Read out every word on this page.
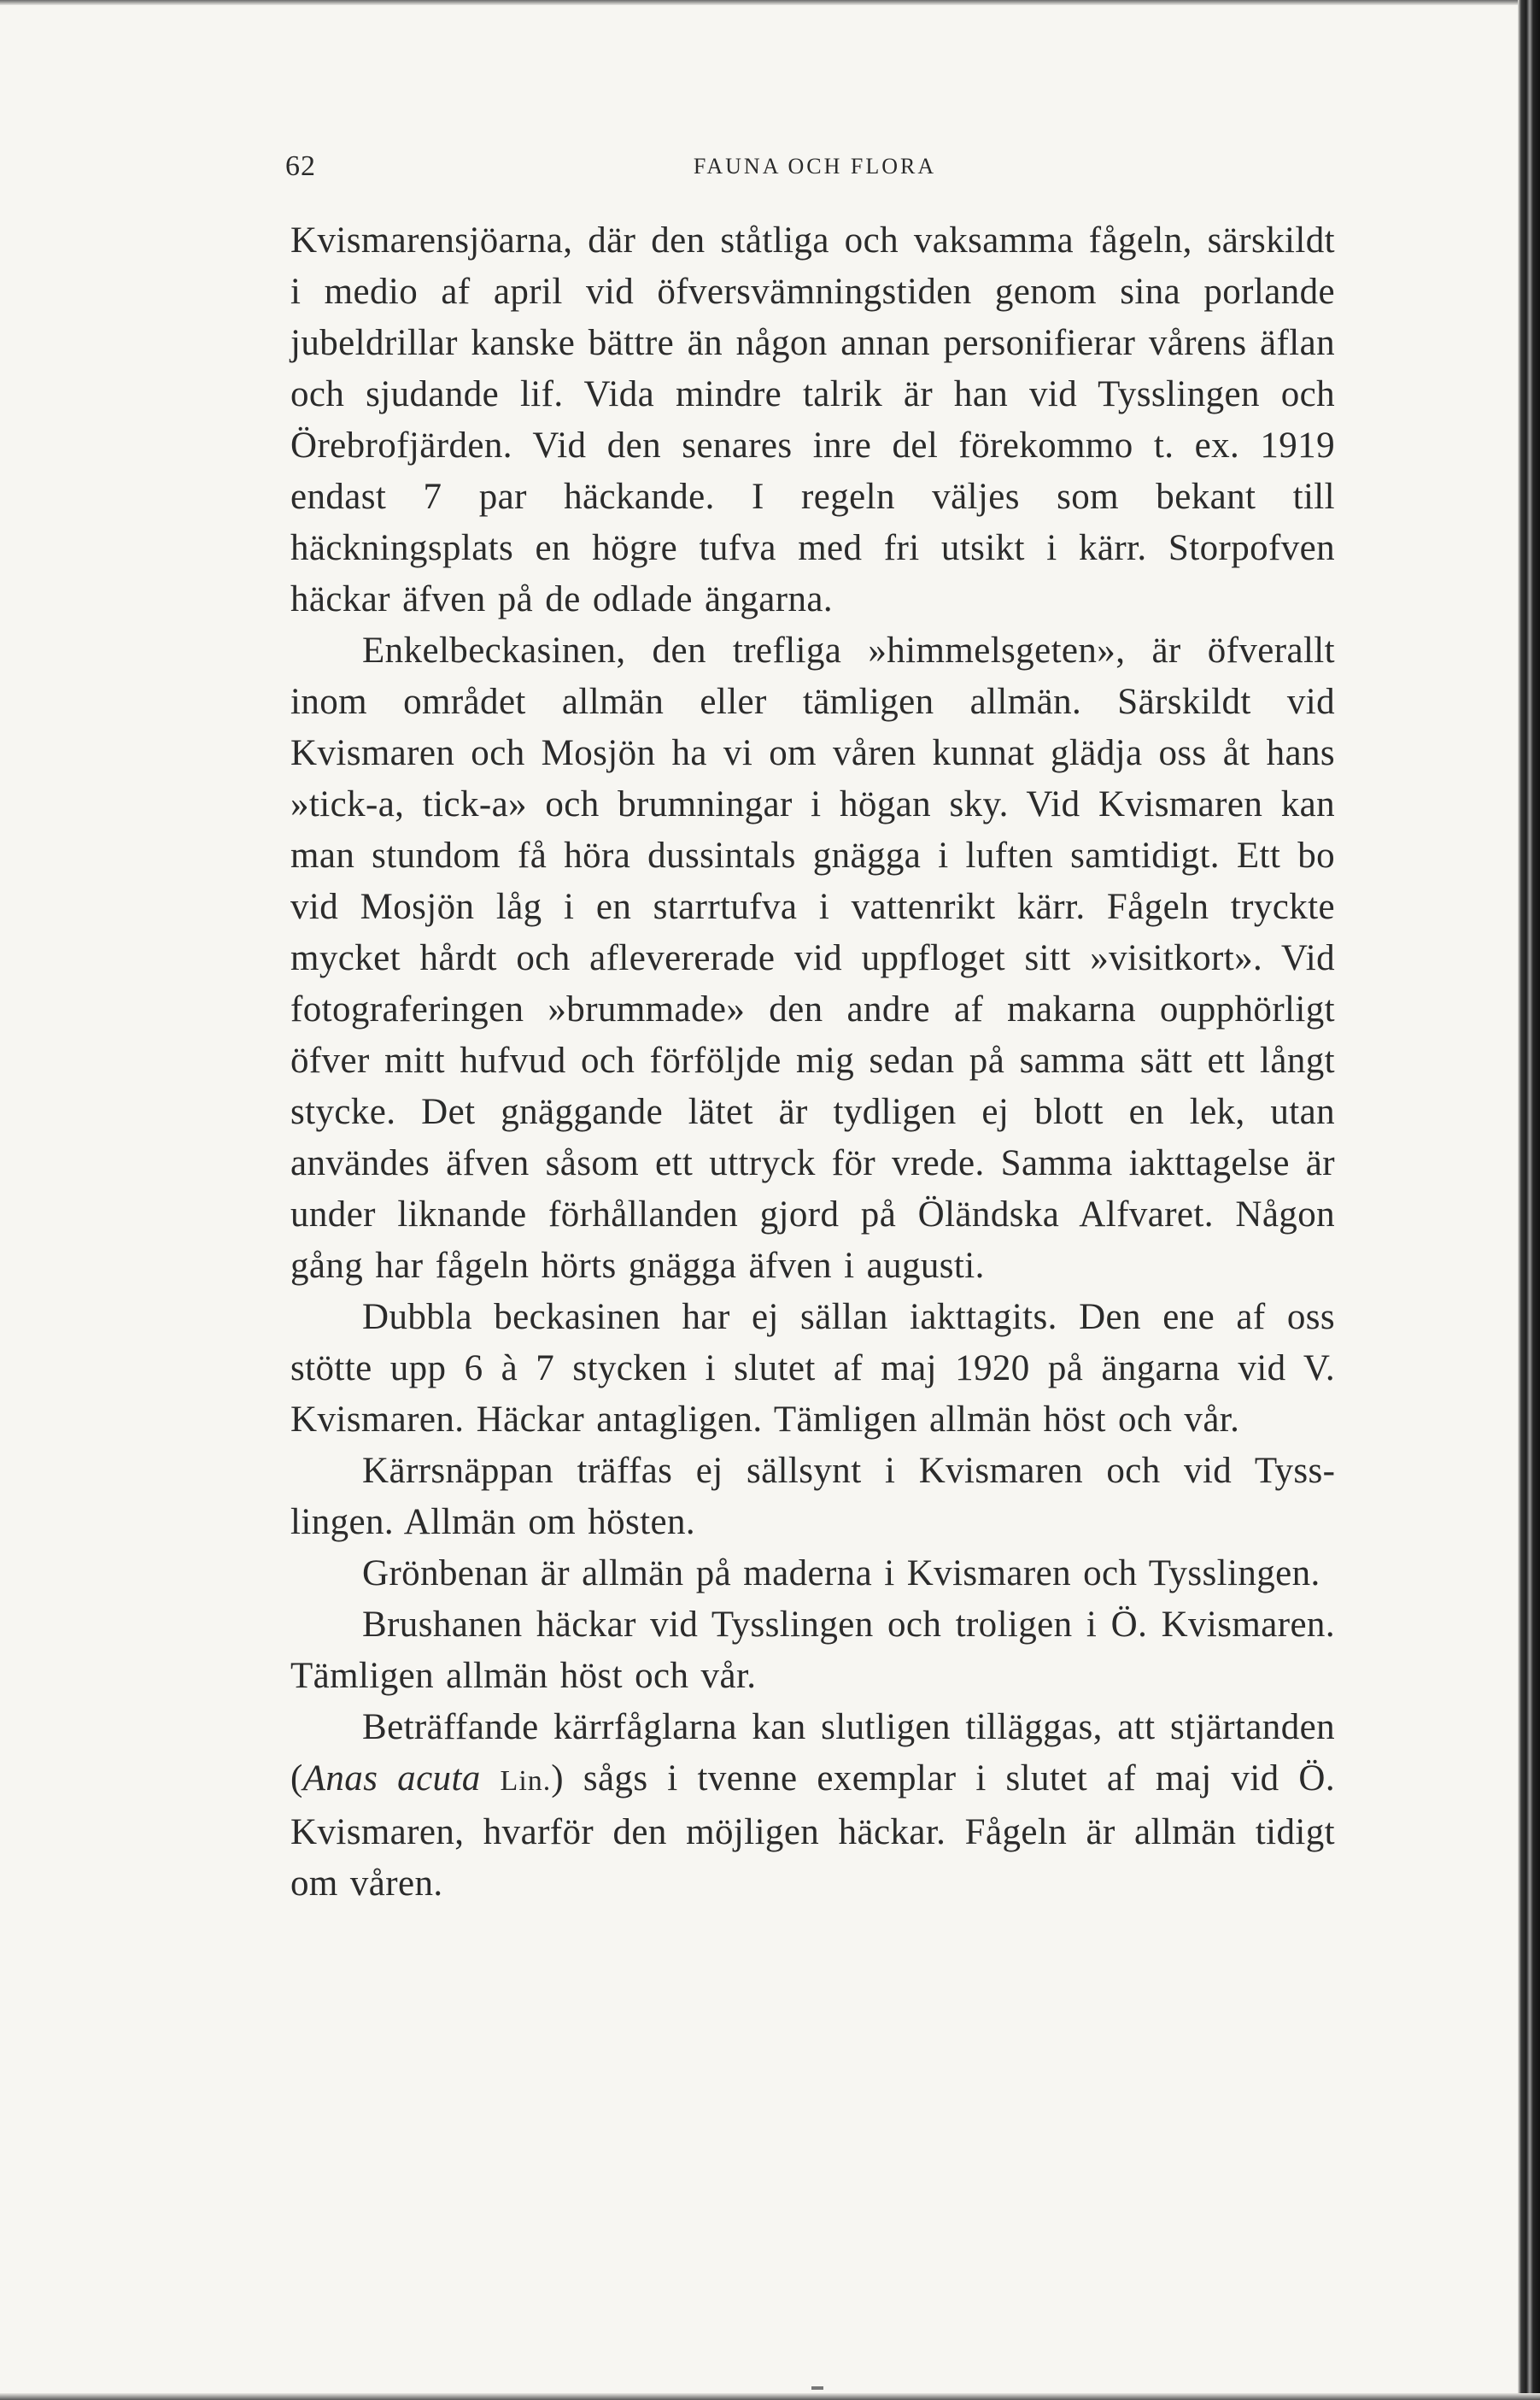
62	FAUNA OCH FLORA

Kvismarensjöarna, där den ståtliga och vaksamma fågeln, särskildt i medio af april vid öfversvämningstiden genom sina porlande jubeldrillar kanske bättre än någon annan personifierar vårens äflan och sjudande lif. Vida mindre talrik är han vid Tysslingen och Örebrofjärden. Vid den senares inre del förekommo t. ex. 1919 endast 7 par häckande. I regeln väljes som bekant till häckningsplats en högre tufva med fri utsikt i kärr. Storpofven häckar äfven på de odlade ängarna.

Enkelbeckasinen, den trefliga »himmelsgeten», är öfverallt inom området allmän eller tämligen allmän. Särskildt vid Kvismaren och Mosjön ha vi om våren kunnat glädja oss åt hans »tick-a, tick-a» och brumningar i högan sky. Vid Kvismaren kan man stundom få höra dussintals gnägga i luften samtidigt. Ett bo vid Mosjön låg i en starrtufva i vattenrikt kärr. Fågeln tryckte mycket hårdt och aflevererade vid uppfloget sitt »visitkort». Vid fotograferingen »brummade» den andre af makarna oupphörligt öfver mitt hufvud och förföljde mig sedan på samma sätt ett långt stycke. Det gnäggande lätet är tydligen ej blott en lek, utan användes äfven såsom ett uttryck för vrede. Samma iakttagelse är under liknande förhållanden gjord på Öländska Alfvaret. Någon gång har fågeln hörts gnägga äfven i augusti.

Dubbla beckasinen har ej sällan iakttagits. Den ene af oss stötte upp 6 à 7 stycken i slutet af maj 1920 på ängarna vid V. Kvismaren. Häckar antagligen. Tämligen allmän höst och vår.

Kärrsnäppan träffas ej sällsynt i Kvismaren och vid Tysslingen. Allmän om hösten.

Grönbenan är allmän på maderna i Kvismaren och Tysslingen.

Brushanen häckar vid Tysslingen och troligen i Ö. Kvismaren. Tämligen allmän höst och vår.

Beträffande kärrfåglarna kan slutligen tilläggas, att stjärtanden (Anas acuta Lin.) sågs i tvenne exemplar i slutet af maj vid Ö. Kvismaren, hvarför den möjligen häckar. Fågeln är allmän tidigt om våren.
